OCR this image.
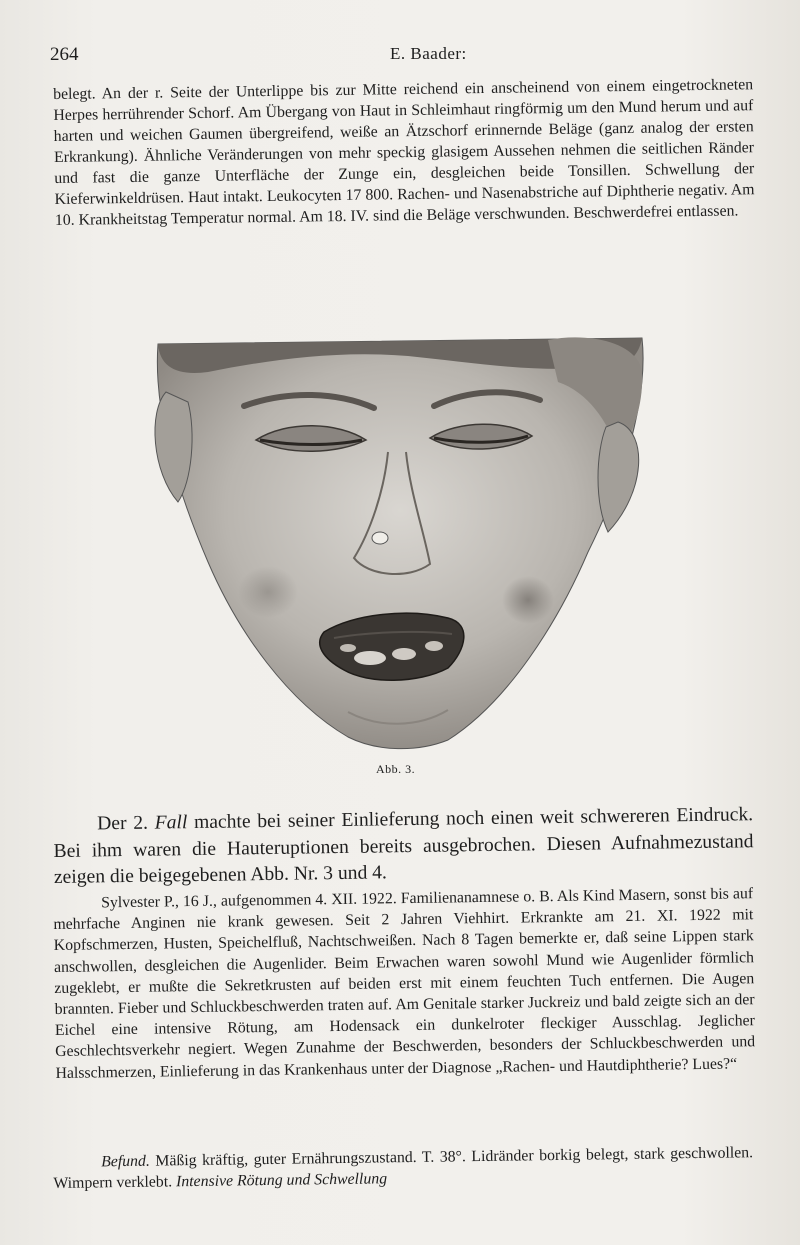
264	E. Baader:

belegt. An der r. Seite der Unterlippe bis zur Mitte reichend ein anscheinend von einem eingetrockneten Herpes herrührender Schorf. Am Übergang von Haut in Schleimhaut ringförmig um den Mund herum und auf harten und weichen Gaumen übergreifend, weiße an Ätzschorf erinnernde Beläge (ganz analog der ersten Erkrankung). Ähnliche Veränderungen von mehr speckig glasigem Aussehen nehmen die seitlichen Ränder und fast die ganze Unterfläche der Zunge ein, desgleichen beide Tonsillen. Schwellung der Kieferwinkeldrüsen. Haut intakt. Leukocyten 17 800. Rachen- und Nasenabstriche auf Diphtherie negativ. Am 10. Krankheitstag Temperatur normal. Am 18. IV. sind die Beläge verschwunden. Beschwerdefrei entlassen.

Abb. 3.

Der 2. Fall machte bei seiner Einlieferung noch einen weit schwereren Eindruck. Bei ihm waren die Hauteruptionen bereits ausgebrochen. Diesen Aufnahmezustand zeigen die beigegebenen Abb. Nr. 3 und 4.

Sylvester P., 16 J., aufgenommen 4. XII. 1922. Familienanamnese o. B. Als Kind Masern, sonst bis auf mehrfache Anginen nie krank gewesen. Seit 2 Jahren Viehhirt. Erkrankte am 21. XI. 1922 mit Kopfschmerzen, Husten, Speichelfluß, Nachtschweißen. Nach 8 Tagen bemerkte er, daß seine Lippen stark anschwollen, desgleichen die Augenlider. Beim Erwachen waren sowohl Mund wie Augenlider förmlich zugeklebt, er mußte die Sekretkrusten auf beiden erst mit einem feuchten Tuch entfernen. Die Augen brannten. Fieber und Schluckbeschwerden traten auf. Am Genitale starker Juckreiz und bald zeigte sich an der Eichel eine intensive Rötung, am Hodensack ein dunkelroter fleckiger Ausschlag. Jeglicher Geschlechtsverkehr negiert. Wegen Zunahme der Beschwerden, besonders der Schluckbeschwerden und Halsschmerzen, Einlieferung in das Krankenhaus unter der Diagnose „Rachen- und Hautdiphtherie? Lues?“

Befund. Mäßig kräftig, guter Ernährungszustand. T. 38°. Lidränder borkig belegt, stark geschwollen. Wimpern verklebt. Intensive Rötung und Schwellung
